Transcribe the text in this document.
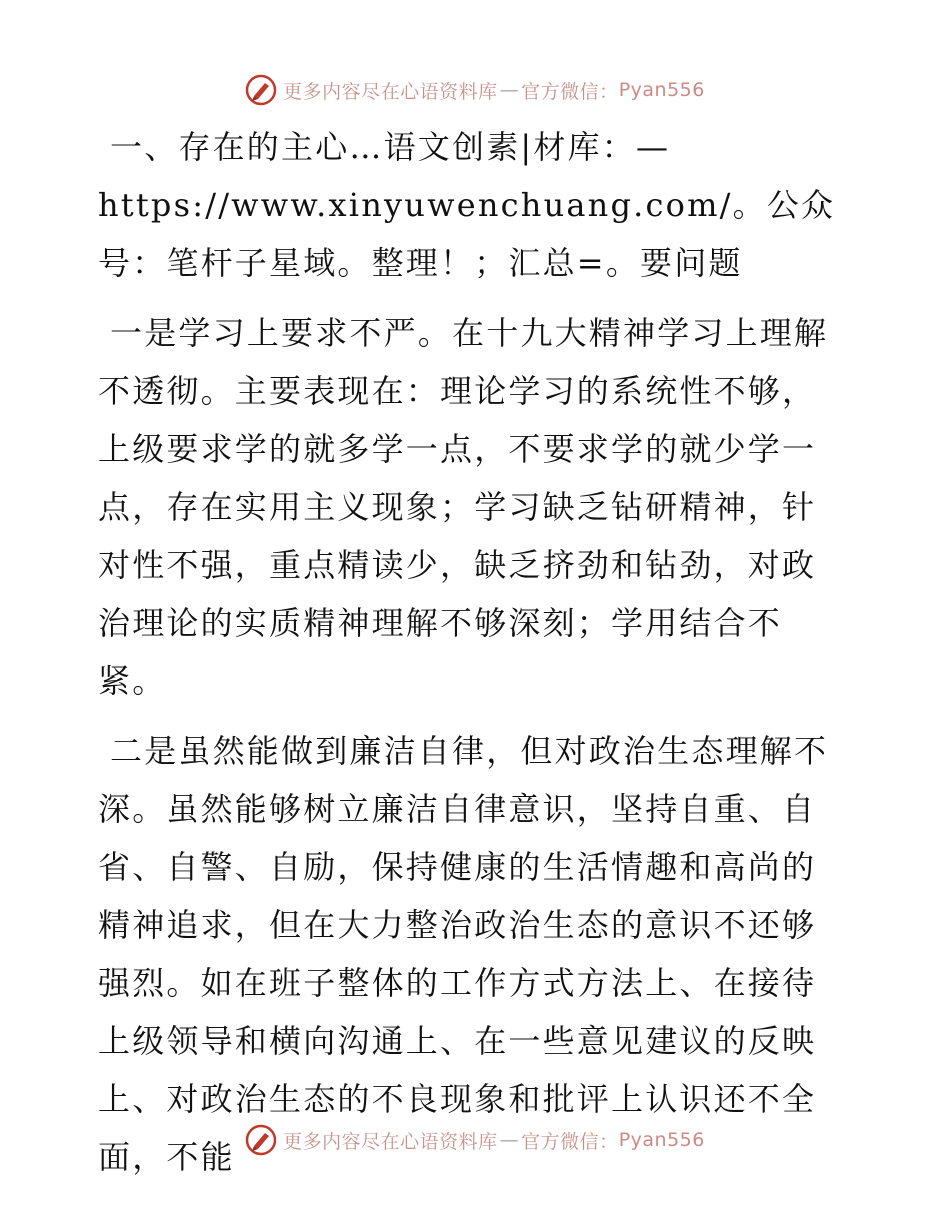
更多内容尽在心语资料库 — 官方微信： Pyan556

一、存在的主心…语文创素|材库：—https://www.xinyuwenchuang.com/。公众号：笔杆子星域。整理！；汇总=。要问题

一是学习上要求不严。在十九大精神学习上理解不透彻。主要表现在：理论学习的系统性不够，上级要求学的就多学一点，不要求学的就少学一点，存在实用主义现象；学习缺乏钻研精神，针对性不强，重点精读少，缺乏挤劲和钻劲，对政治理论的实质精神理解不够深刻；学用结合不紧。

二是虽然能做到廉洁自律，但对政治生态理解不深。虽然能够树立廉洁自律意识，坚持自重、自省、自警、自励，保持健康的生活情趣和高尚的精神追求，但在大力整治政治生态的意识不还够强烈。如在班子整体的工作方式方法上、在接待上级领导和横向沟通上、在一些意见建议的反映上、对政治生态的不良现象和批评上认识还不全面，不能	更多内容尽在心语资料库 — 官方微信： Pyan556
